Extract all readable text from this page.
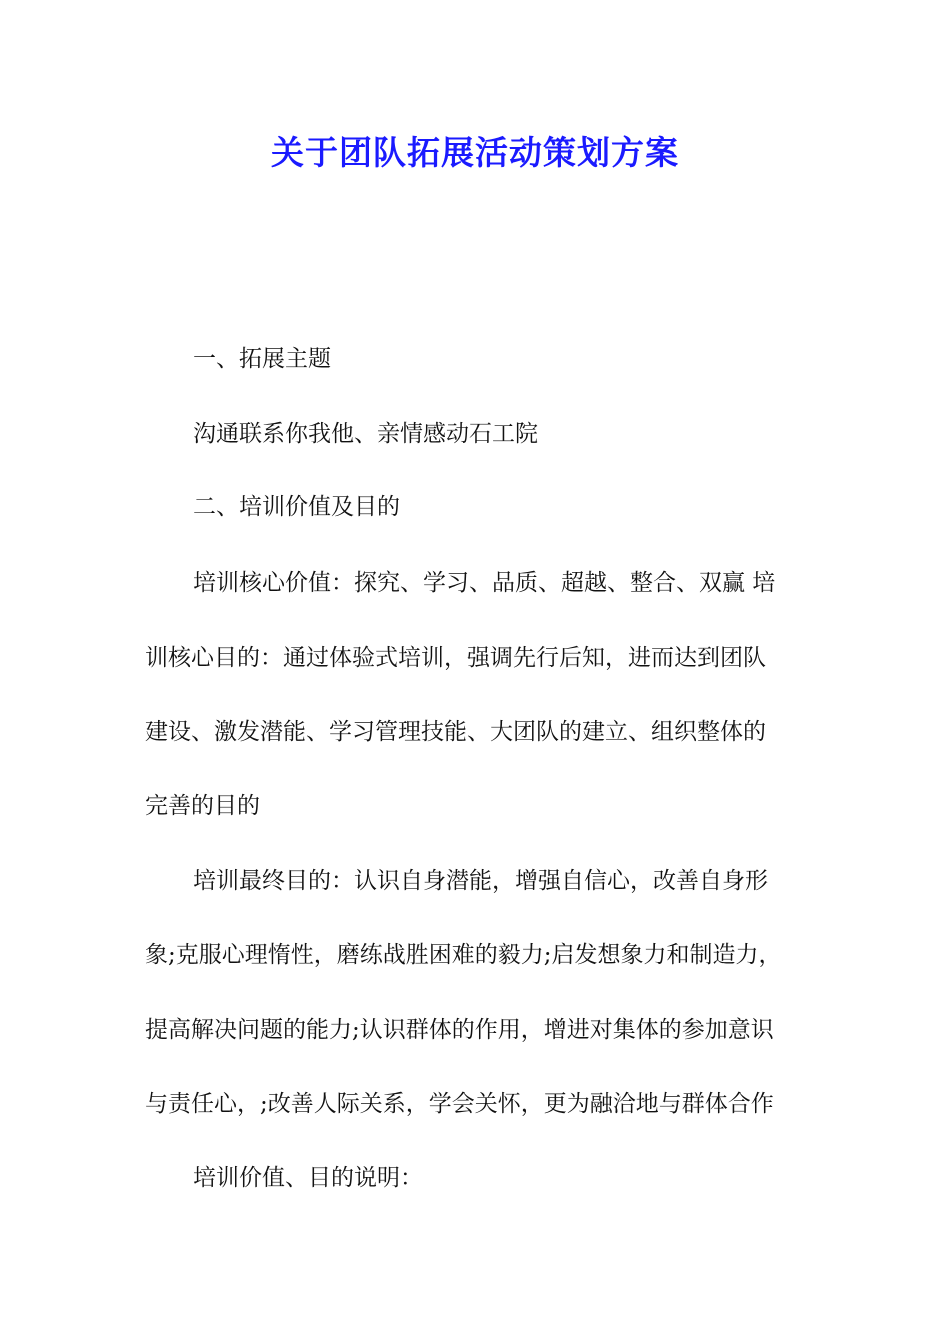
关于团队拓展活动策划方案

一、拓展主题

沟通联系你我他、亲情感动石工院

二、培训价值及目的

培训核心价值：探究、学习、品质、超越、整合、双赢 培

训核心目的：通过体验式培训，强调先行后知，进而达到团队

建设、激发潜能、学习管理技能、大团队的建立、组织整体的

完善的目的

培训最终目的：认识自身潜能，增强自信心，改善自身形

象;克服心理惰性，磨练战胜困难的毅力;启发想象力和制造力，

提高解决问题的能力;认识群体的作用，增进对集体的参加意识

与责任心，;改善人际关系，学会关怀，更为融洽地与群体合作

培训价值、目的说明：
